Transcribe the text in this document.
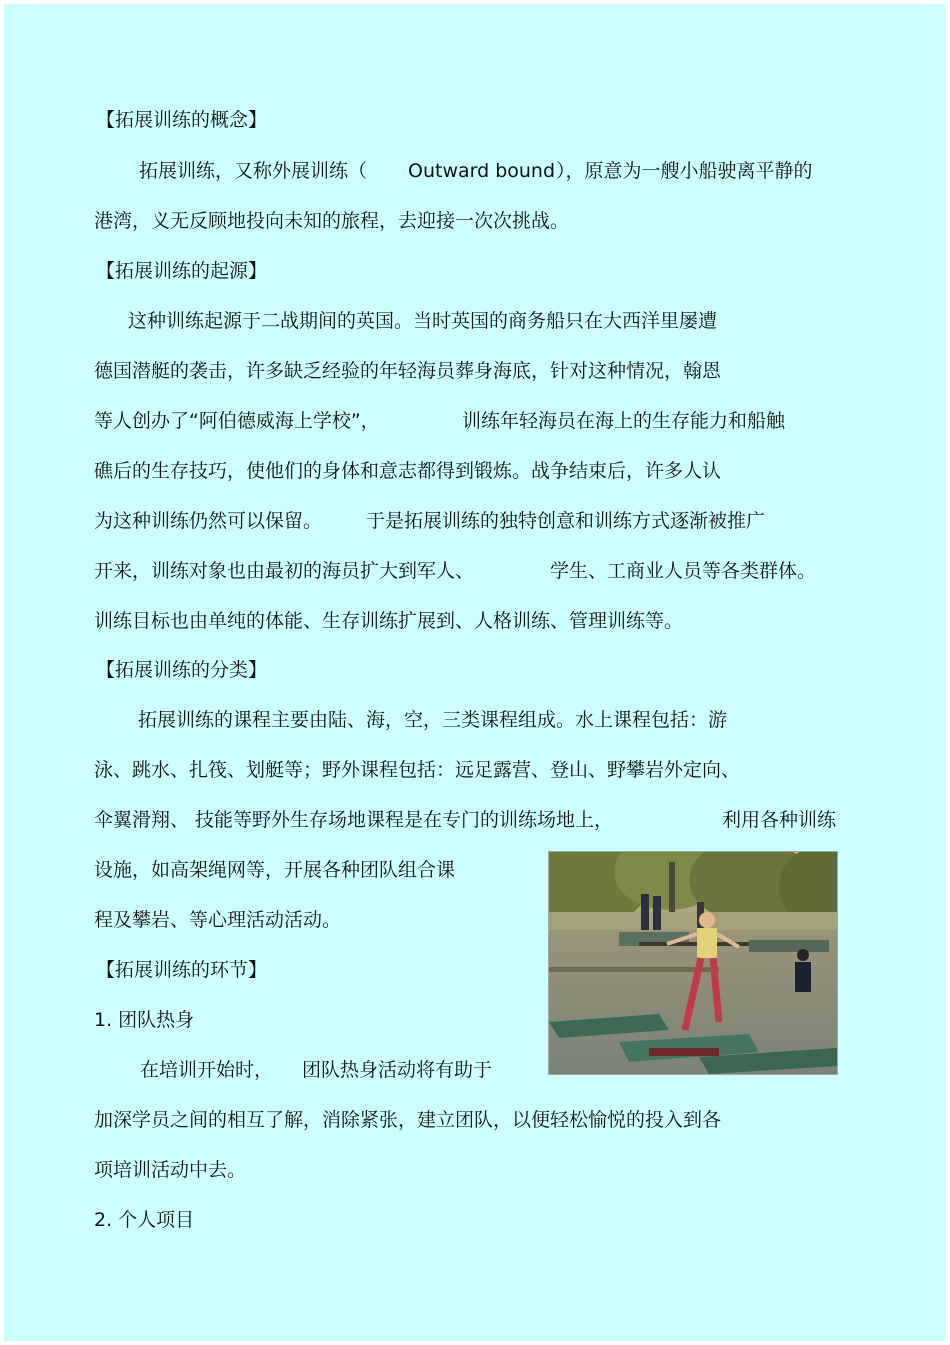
【拓展训练的概念】
拓展训练，又称外展训练（ Outward bound ），原意为一艘小船驶离平静的
港湾，义无反顾地投向未知的旅程，去迎接一次次挑战。
【拓展训练的起源】
这种训练起源于二战期间的英国。当时英国的商务船只在大西洋里屡遭
德国潜艇的袭击，许多缺乏经验的年轻海员葬身海底，针对这种情况，翰恩
等人创办了“阿伯德威海上学校”，	训练年轻海员在海上的生存能力和船触
礁后的生存技巧，使他们的身体和意志都得到锻炼。战争结束后，许多人认
为这种训练仍然可以保留。 于是拓展训练的独特创意和训练方式逐渐被推广
开来，训练对象也由最初的海员扩大到军人、	学生、工商业人员等各类群体。
训练目标也由单纯的体能、生存训练扩展到、人格训练、管理训练等。
【拓展训练的分类】
拓展训练的课程主要由陆、海，空，三类课程组成。水上课程包括：游
泳、跳水、扎筏、划艇等；野外课程包括：远足露营、登山、野攀岩外定向、
伞翼滑翔、 技能等野外生存场地课程是在专门的训练场地上，	利用各种训练
设施，如高架绳网等，开展各种团队组合课
程及攀岩、等心理活动活动。
【拓展训练的环节】
1. 团队热身
在培训开始时， 团队热身活动将有助于
加深学员之间的相互了解，消除紧张，建立团队，以便轻松愉悦的投入到各
项培训活动中去。
2. 个人项目
